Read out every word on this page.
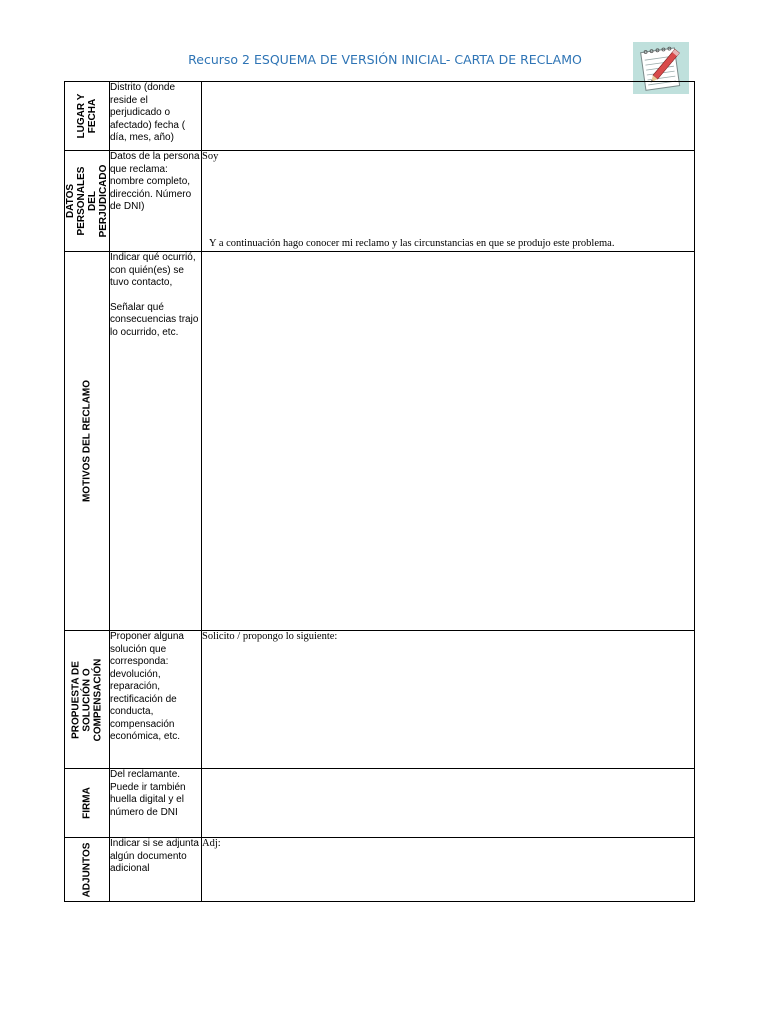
Recurso 2 ESQUEMA DE VERSIÓN INICIAL- CARTA DE RECLAMO
LUGAR Y FECHA	Distrito (donde reside el perjudicado o afectado) fecha ( día, mes, año)	

DATOS PERSONALES DEL PERJUDICADO	Datos de la persona que reclama: nombre completo, dirección. Número de DNI)	Soy
Y a continuación hago conocer mi reclamo y las circunstancias en que se produjo este problema.

MOTIVOS DEL RECLAMO	Indicar qué ocurrió, con quién(es) se tuvo contacto,

Señalar qué consecuencias trajo lo ocurrido, etc.	

PROPUESTA DE SOLUCIÓN O COMPENSACIÓN	Proponer alguna solución que corresponda: devolución, reparación, rectificación de conducta, compensación económica, etc.	Solicito / propongo lo siguiente:

FIRMA	Del reclamante. Puede ir también huella digital y el número de DNI	

ADJUNTOS	Indicar si se adjunta algún documento adicional	Adj:
